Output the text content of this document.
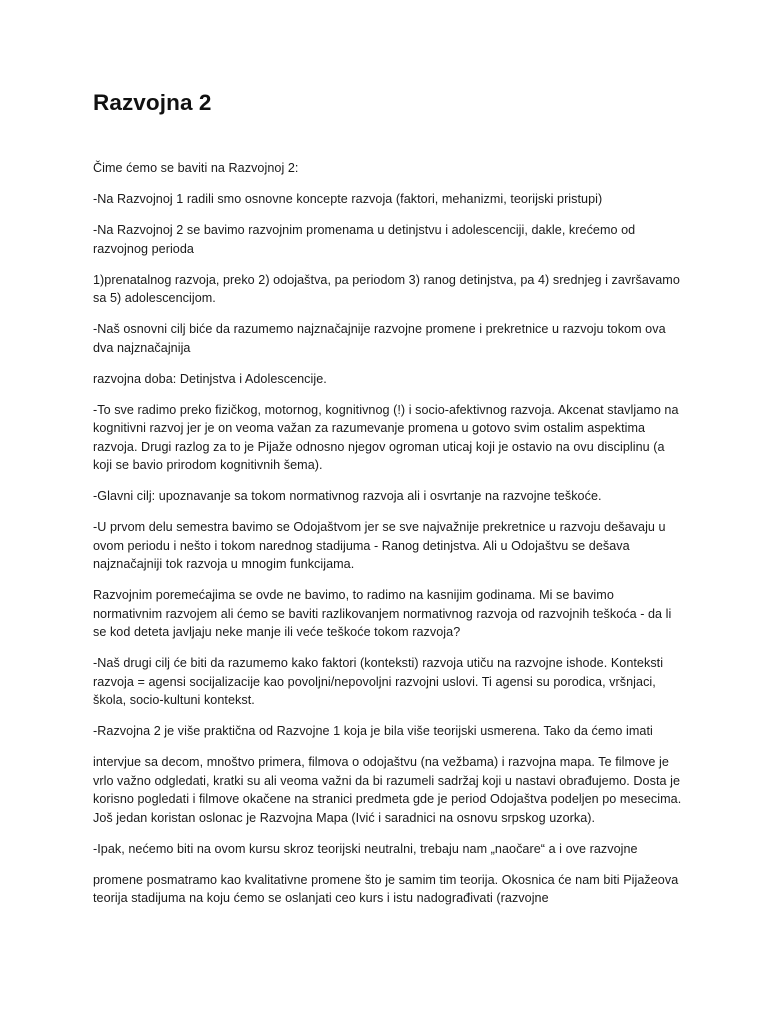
Razvojna 2

Čime ćemo se baviti na Razvojnoj 2:

-Na Razvojnoj 1 radili smo osnovne koncepte razvoja (faktori, mehanizmi, teorijski pristupi)

-Na Razvojnoj 2 se bavimo razvojnim promenama u detinjstvu i adolescenciji, dakle, krećemo od razvojnog perioda

1)prenatalnog razvoja, preko 2) odojaštva, pa periodom 3) ranog detinjstva, pa 4) srednjeg i završavamo sa 5) adolescencijom.

-Naš osnovni cilj biće da razumemo najznačajnije razvojne promene i prekretnice u razvoju tokom ova dva najznačajnija

razvojna doba: Detinjstva i Adolescencije.

-To sve radimo preko fizičkog, motornog, kognitivnog (!) i socio-afektivnog razvoja. Akcenat stavljamo na kognitivni razvoj jer je on veoma važan za razumevanje promena u gotovo svim ostalim aspektima razvoja. Drugi razlog za to je Pijaže odnosno njegov ogroman uticaj koji je ostavio na ovu disciplinu (a koji se bavio prirodom kognitivnih šema).

-Glavni cilj: upoznavanje sa tokom normativnog razvoja ali i osvrtanje na razvojne teškoće.

-U prvom delu semestra bavimo se Odojaštvom jer se sve najvažnije prekretnice u razvoju dešavaju u ovom periodu i nešto i tokom narednog stadijuma - Ranog detinjstva. Ali u Odojaštvu se dešava najznačajniji tok razvoja u mnogim funkcijama.

Razvojnim poremećajima se ovde ne bavimo, to radimo na kasnijim godinama. Mi se bavimo normativnim razvojem ali ćemo se baviti razlikovanjem normativnog razvoja od razvojnih teškoća - da li se kod deteta javljaju neke manje ili veće teškoće tokom razvoja?

-Naš drugi cilj će biti da razumemo kako faktori (konteksti) razvoja utiču na razvojne ishode. Konteksti razvoja = agensi socijalizacije kao povoljni/nepovoljni razvojni uslovi. Ti agensi su porodica, vršnjaci, škola, socio-kultuni kontekst.

-Razvojna 2 je više praktična od Razvojne 1 koja je bila više teorijski usmerena. Tako da ćemo imati

intervjue sa decom, mnoštvo primera, filmova o odojaštvu (na vežbama) i razvojna mapa. Te filmove je vrlo važno odgledati, kratki su ali veoma važni da bi razumeli sadržaj koji u nastavi obrađujemo. Dosta je korisno pogledati i filmove okačene na stranici predmeta gde je period Odojaštva podeljen po mesecima. Još jedan koristan oslonac je Razvojna Mapa (Ivić i saradnici na osnovu srpskog uzorka).

-Ipak, nećemo biti na ovom kursu skroz teorijski neutralni, trebaju nam „naočare“ a i ove razvojne

promene posmatramo kao kvalitativne promene što je samim tim teorija. Okosnica će nam biti Pijažeova teorija stadijuma na koju ćemo se oslanjati ceo kurs i istu nadograđivati (razvojne
